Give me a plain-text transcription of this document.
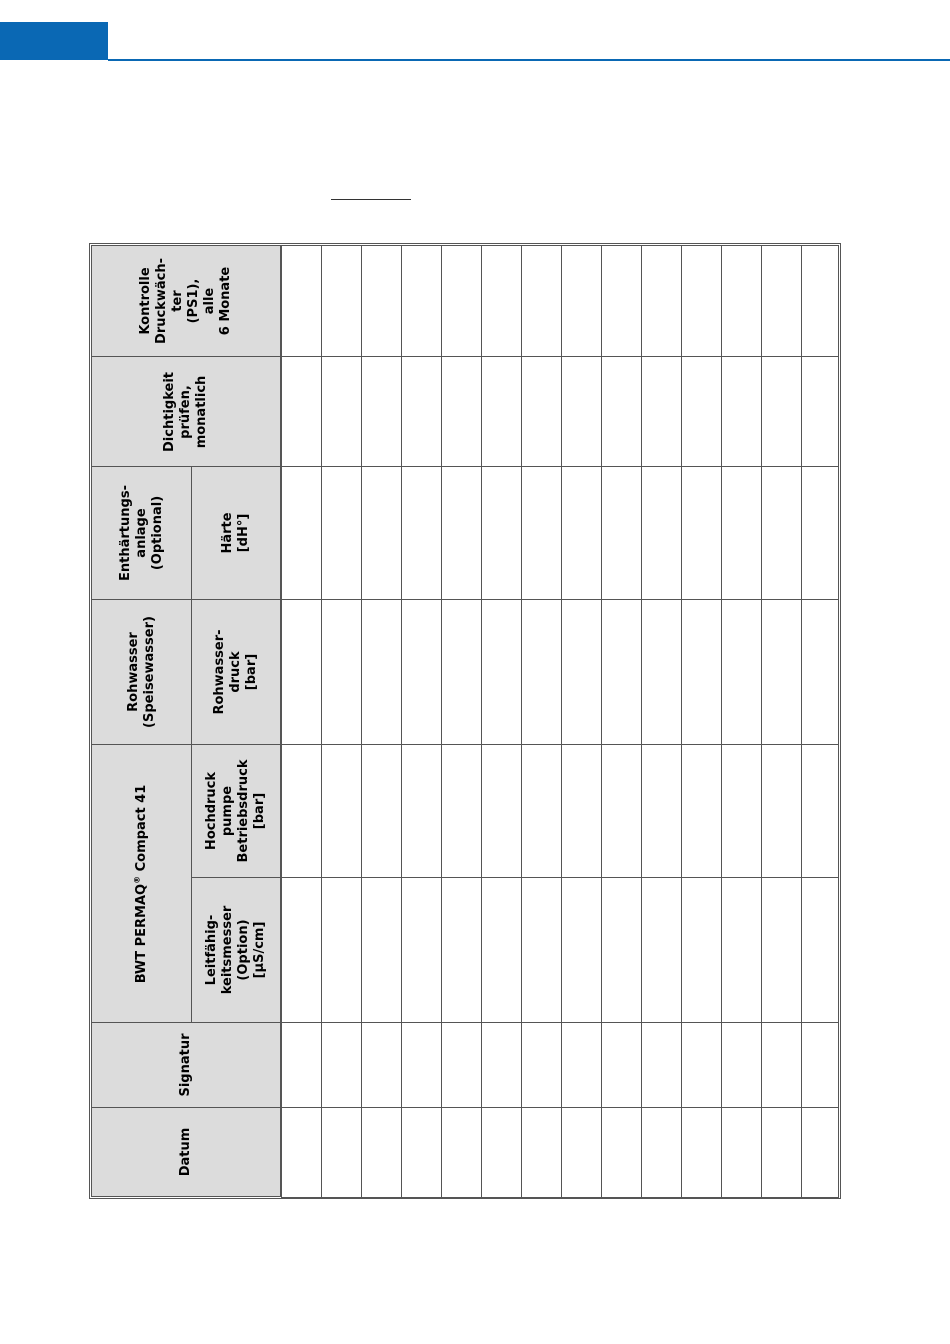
Datum
Signatur
BWT PERMAQ® Compact 41
Leitfähig-
keitsmesser
(Option)
[µS/cm]
Hochdruck
pumpe
Betriebsdruck
[bar]
Rohwasser
(Speisewasser)	Rohwasser-
druck
[bar]
Enthärtungs-
anlage
(Optional)	Härte
[dH°]
Dichtigkeit
prüfen,
monatlich
Kontrolle
Druckwäch-
ter
(PS1),
alle
6 Monate
